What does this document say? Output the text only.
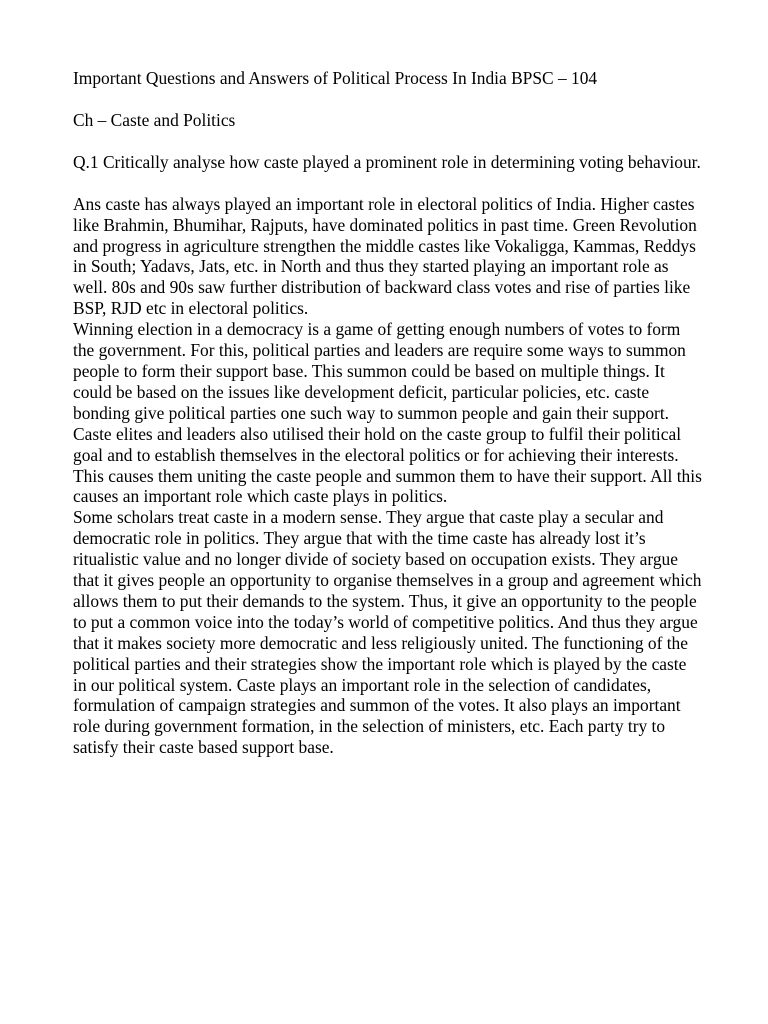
Important Questions and Answers of Political Process In India BPSC – 104
Ch – Caste and Politics

Q.1 Critically analyse how caste played a prominent role in determining voting behaviour.

Ans caste has always played an important role in electoral politics of India. Higher castes like Brahmin, Bhumihar, Rajputs, have dominated politics in past time. Green Revolution and progress in agriculture strengthen the middle castes like Vokaligga, Kammas, Reddys in South; Yadavs, Jats, etc. in North and thus they started playing an important role as well. 80s and 90s saw further distribution of backward class votes and rise of parties like BSP, RJD etc in electoral politics.

Winning election in a democracy is a game of getting enough numbers of votes to form the government. For this, political parties and leaders are require some ways to summon people to form their support base. This summon could be based on multiple things. It could be based on the issues like development deficit, particular policies, etc. caste bonding give political parties one such way to summon people and gain their support. Caste elites and leaders also utilised their hold on the caste group to fulfil their political goal and to establish themselves in the electoral politics or for achieving their interests. This causes them uniting the caste people and summon them to have their support. All this causes an important role which caste plays in politics.

Some scholars treat caste in a modern sense. They argue that caste play a secular and democratic role in politics. They argue that with the time caste has already lost it’s ritualistic value and no longer divide of society based on occupation exists. They argue that it gives people an opportunity to organise themselves in a group and agreement which allows them to put their demands to the system. Thus, it give an opportunity to the people to put a common voice into the today’s world of competitive politics. And thus they argue that it makes society more democratic and less religiously united. The functioning of the political parties and their strategies show the important role which is played by the caste in our political system. Caste plays an important role in the selection of candidates, formulation of campaign strategies and summon of the votes. It also plays an important role during government formation, in the selection of ministers, etc. Each party try to satisfy their caste based support base.
